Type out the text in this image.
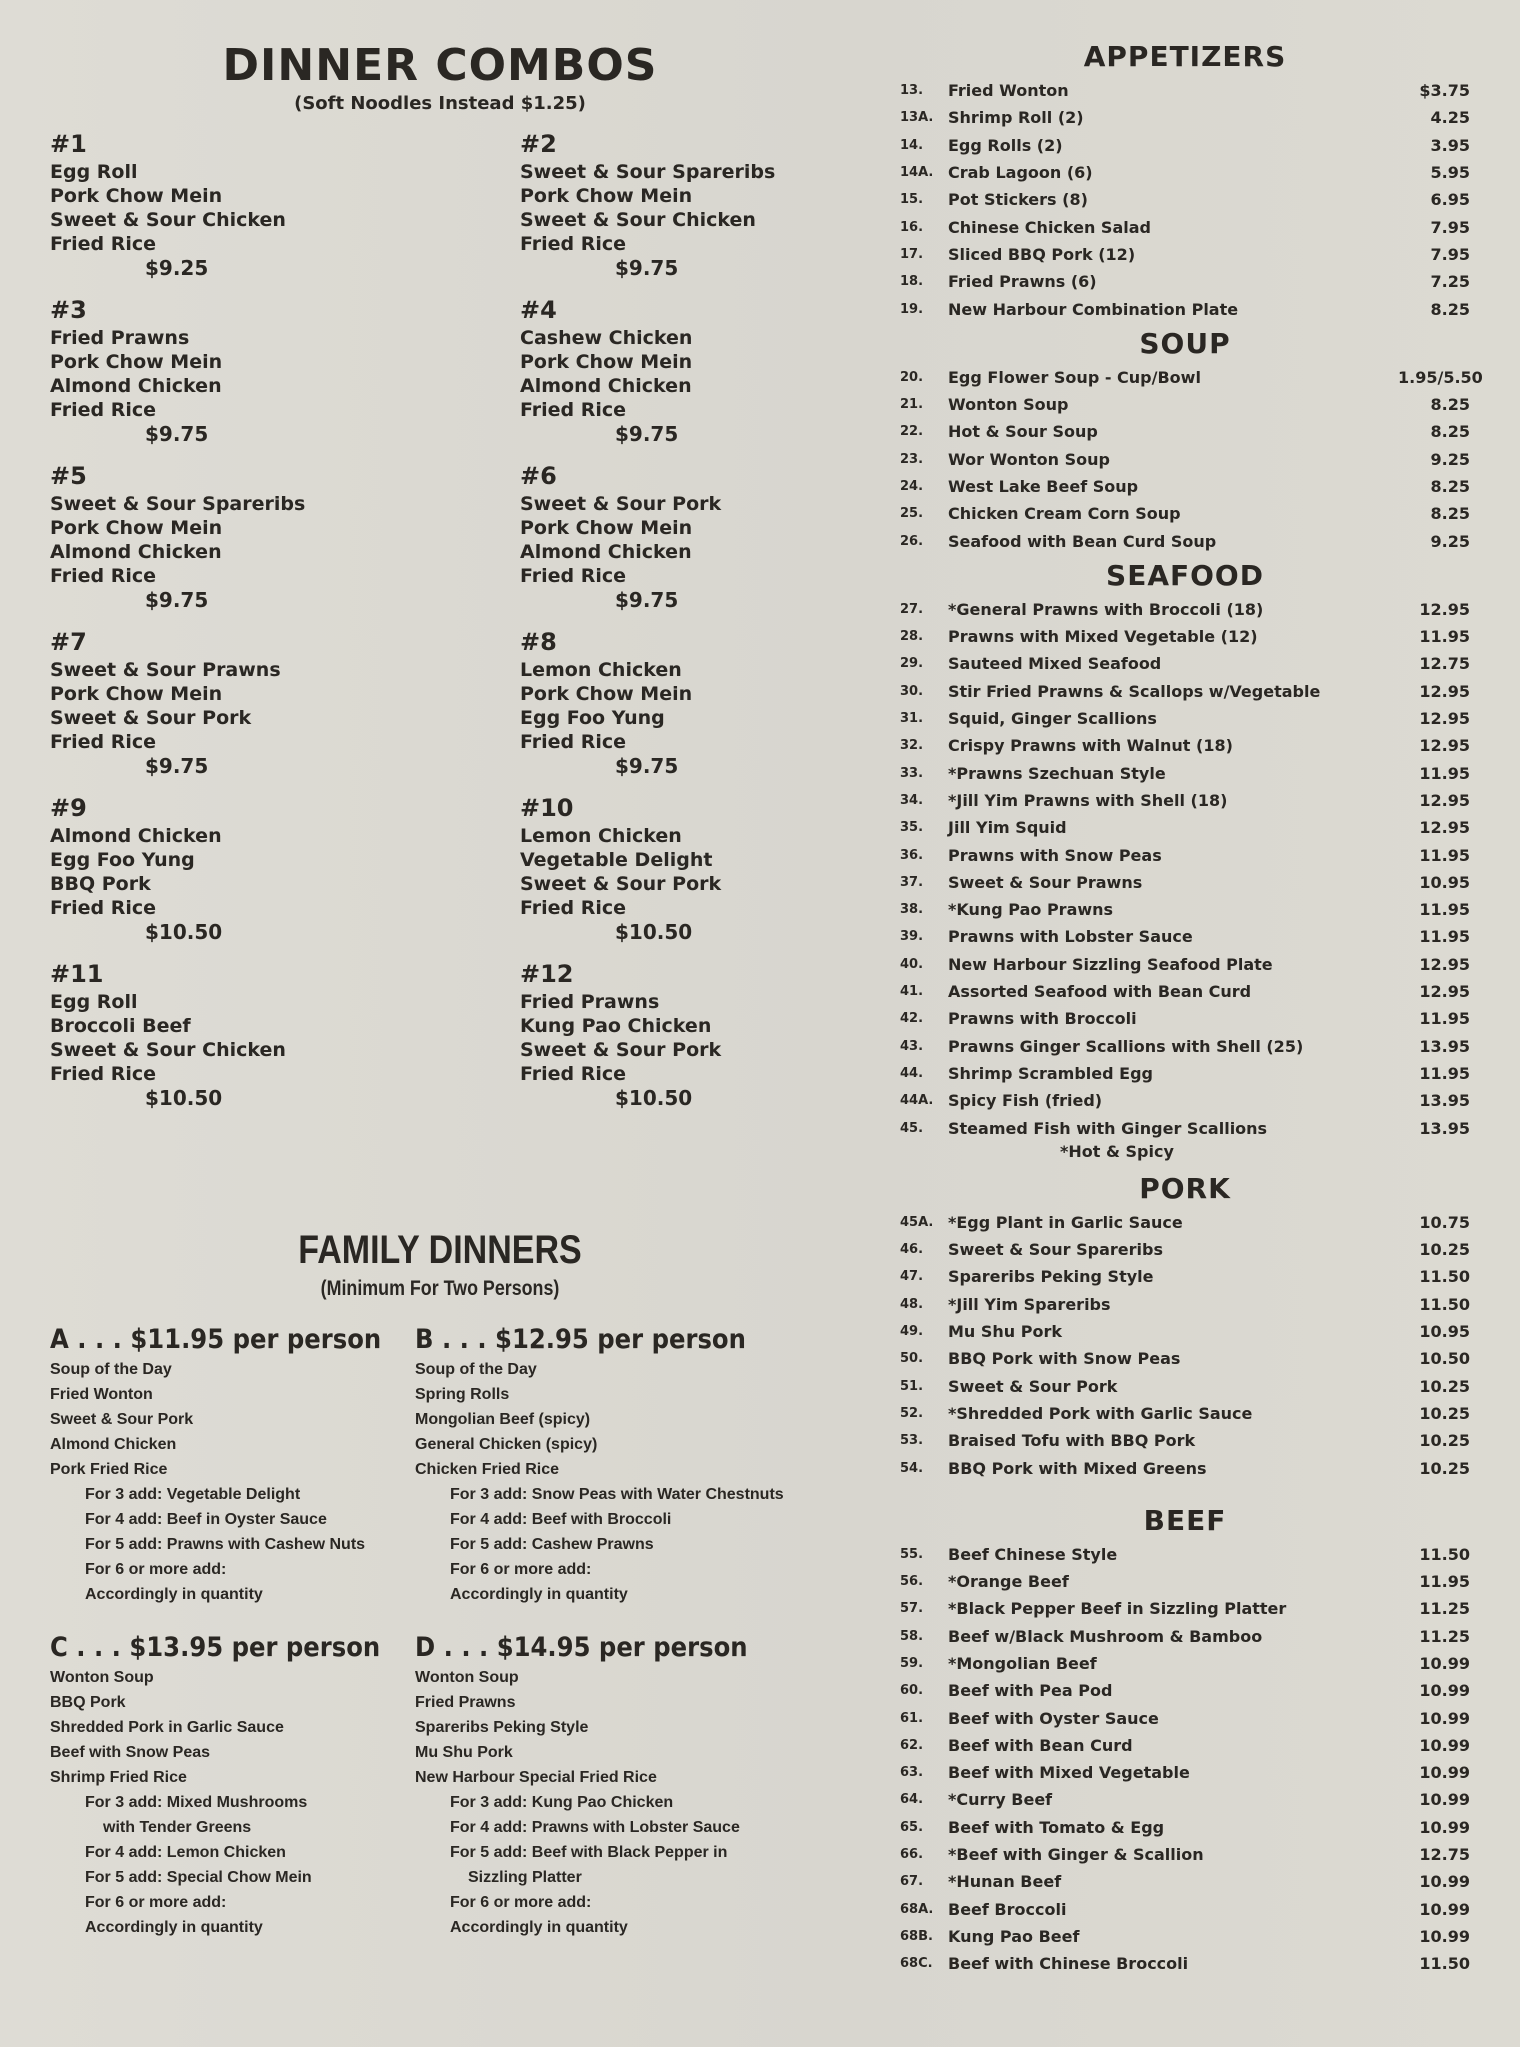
DINNER COMBOS
(Soft Noodles Instead $1.25)
#1
Egg Roll
Pork Chow Mein
Sweet & Sour Chicken
Fried Rice
$9.25
#2
Sweet & Sour Spareribs
Pork Chow Mein
Sweet & Sour Chicken
Fried Rice
$9.75
#3
Fried Prawns
Pork Chow Mein
Almond Chicken
Fried Rice
$9.75
#4
Cashew Chicken
Pork Chow Mein
Almond Chicken
Fried Rice
$9.75
#5
Sweet & Sour Spareribs
Pork Chow Mein
Almond Chicken
Fried Rice
$9.75
#6
Sweet & Sour Pork
Pork Chow Mein
Almond Chicken
Fried Rice
$9.75
#7
Sweet & Sour Prawns
Pork Chow Mein
Sweet & Sour Pork
Fried Rice
$9.75
#8
Lemon Chicken
Pork Chow Mein
Egg Foo Yung
Fried Rice
$9.75
#9
Almond Chicken
Egg Foo Yung
BBQ Pork
Fried Rice
$10.50
#10
Lemon Chicken
Vegetable Delight
Sweet & Sour Pork
Fried Rice
$10.50
#11
Egg Roll
Broccoli Beef
Sweet & Sour Chicken
Fried Rice
$10.50
#12
Fried Prawns
Kung Pao Chicken
Sweet & Sour Pork
Fried Rice
$10.50
FAMILY DINNERS
(Minimum For Two Persons)
A . . . $11.95 per person
Soup of the Day
Fried Wonton
Sweet & Sour Pork
Almond Chicken
Pork Fried Rice
For 3 add: Vegetable Delight
For 4 add: Beef in Oyster Sauce
For 5 add: Prawns with Cashew Nuts
For 6 or more add:
Accordingly in quantity
B . . . $12.95 per person
Soup of the Day
Spring Rolls
Mongolian Beef (spicy)
General Chicken (spicy)
Chicken Fried Rice
For 3 add: Snow Peas with Water Chestnuts
For 4 add: Beef with Broccoli
For 5 add: Cashew Prawns
For 6 or more add:
Accordingly in quantity
C . . . $13.95 per person
Wonton Soup
BBQ Pork
Shredded Pork in Garlic Sauce
Beef with Snow Peas
Shrimp Fried Rice
For 3 add: Mixed Mushrooms
with Tender Greens
For 4 add: Lemon Chicken
For 5 add: Special Chow Mein
For 6 or more add:
Accordingly in quantity
D . . . $14.95 per person
Wonton Soup
Fried Prawns
Spareribs Peking Style
Mu Shu Pork
New Harbour Special Fried Rice
For 3 add: Kung Pao Chicken
For 4 add: Prawns with Lobster Sauce
For 5 add: Beef with Black Pepper in
Sizzling Platter
For 6 or more add:
Accordingly in quantity
APPETIZERS
13.	Fried Wonton	$3.75
13A. Shrimp Roll (2)	4.25
14.	Egg Rolls (2)	3.95
14A. Crab Lagoon (6)	5.95
15.	Pot Stickers (8)	6.95
16.	Chinese Chicken Salad	7.95
17.	Sliced BBQ Pork (12)	7.95
18.	Fried Prawns (6)	7.25
19.	New Harbour Combination Plate	8.25
SOUP
20.	Egg Flower Soup - Cup/Bowl	1.95/5.50
21.	Wonton Soup	8.25
22.	Hot & Sour Soup	8.25
23.	Wor Wonton Soup	9.25
24.	West Lake Beef Soup	8.25
25.	Chicken Cream Corn Soup	8.25
26.	Seafood with Bean Curd Soup	9.25
SEAFOOD
27.	*General Prawns with Broccoli (18)	12.95
28.	Prawns with Mixed Vegetable (12)	11.95
29.	Sauteed Mixed Seafood	12.75
30.	Stir Fried Prawns & Scallops w/Vegetable	12.95
31.	Squid, Ginger Scallions	12.95
32.	Crispy Prawns with Walnut (18)	12.95
33.	*Prawns Szechuan Style	11.95
34.	*Jill Yim Prawns with Shell (18)	12.95
35.	Jill Yim Squid	12.95
36.	Prawns with Snow Peas	11.95
37.	Sweet & Sour Prawns	10.95
38.	*Kung Pao Prawns	11.95
39.	Prawns with Lobster Sauce	11.95
40.	New Harbour Sizzling Seafood Plate	12.95
41.	Assorted Seafood with Bean Curd	12.95
42.	Prawns with Broccoli	11.95
43.	Prawns Ginger Scallions with Shell (25)	13.95
44.	Shrimp Scrambled Egg	11.95
44A. Spicy Fish (fried)	13.95
45.	Steamed Fish with Ginger Scallions	13.95
*Hot & Spicy
PORK
45A. *Egg Plant in Garlic Sauce	10.75
46.	Sweet & Sour Spareribs	10.25
47.	Spareribs Peking Style	11.50
48.	*Jill Yim Spareribs	11.50
49.	Mu Shu Pork	10.95
50.	BBQ Pork with Snow Peas	10.50
51.	Sweet & Sour Pork	10.25
52.	*Shredded Pork with Garlic Sauce	10.25
53.	Braised Tofu with BBQ Pork	10.25
54.	BBQ Pork with Mixed Greens	10.25
BEEF
55.	Beef Chinese Style	11.50
56.	*Orange Beef	11.95
57.	*Black Pepper Beef in Sizzling Platter	11.25
58.	Beef w/Black Mushroom & Bamboo	11.25
59.	*Mongolian Beef	10.99
60.	Beef with Pea Pod	10.99
61.	Beef with Oyster Sauce	10.99
62.	Beef with Bean Curd	10.99
63.	Beef with Mixed Vegetable	10.99
64.	*Curry Beef	10.99
65.	Beef with Tomato & Egg	10.99
66.	*Beef with Ginger & Scallion	12.75
67.	*Hunan Beef	10.99
68A. Beef Broccoli	10.99
68B. Kung Pao Beef	10.99
68C. Beef with Chinese Broccoli	11.50
